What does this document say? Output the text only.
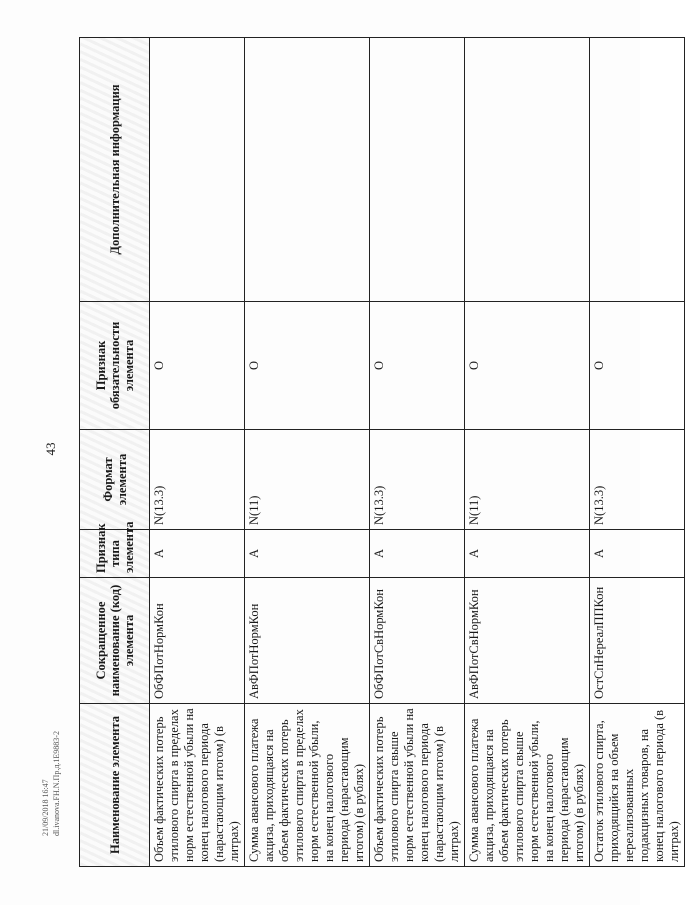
43
21/09/2018 16:47 dl.ivanova.FH.N.Пр.д.1E9883-2	Наименование элемента	Сокращенное наименование (код) элемента	Признак типа элемента	Формат элемента	Признак обязательности элемента	Дополнительная информация
Объем фактических потерь этилового спирта в пределах норм естественной убыли на конец налогового периода (нарастающим итогом) (в литрах)	ОбФПотНормКон	А	N(13.3)	О	
Сумма авансового платежа акциза, приходящаяся на объем фактических потерь этилового спирта в пределах норм естественной убыли, на конец налогового периода (нарастающим итогом) (в рублях)	АвФПотНормКон	А	N(11)	О	
Объем фактических потерь этилового спирта свыше норм естественной убыли на конец налогового периода (нарастающим итогом) (в литрах)	ОбФПотСвНормКон	А	N(13.3)	О	
Сумма авансового платежа акциза, приходящаяся на объем фактических потерь этилового спирта свыше норм естественной убыли, на конец налогового периода (нарастающим итогом) (в рублях)	АвФПотСвНормКон	А	N(11)	О	
Остаток этилового спирта, приходящийся на объем нереализованных подакцизных товаров, на конец налогового периода (в литрах)	ОстСпНереалППКон	А	N(13.3)	О	
